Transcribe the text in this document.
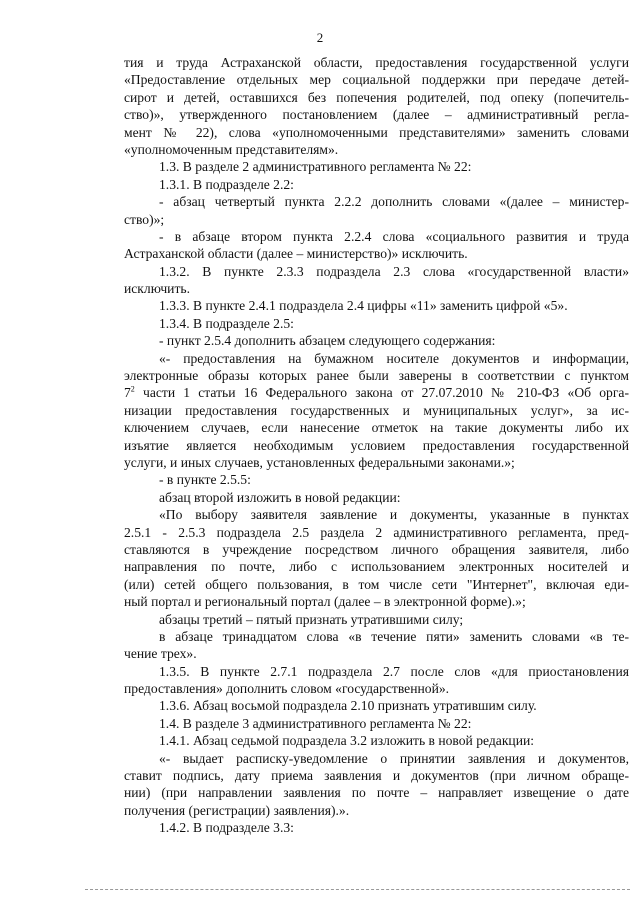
2
тия и труда Астраханской области, предоставления государственной услуги
«Предоставление отдельных мер социальной поддержки при передаче детей-
сирот и детей, оставшихся без попечения родителей, под опеку (попечитель-
ство)», утвержденного постановлением (далее – административный регла-
мент № 22), слова «уполномоченными представителями» заменить словами
«уполномоченным представителям».
1.3. В разделе 2 административного регламента № 22:
1.3.1. В подразделе 2.2:
- абзац четвертый пункта 2.2.2 дополнить словами «(далее – министер-
ство)»;
- в абзаце втором пункта 2.2.4 слова «социального развития и труда
Астраханской области (далее – министерство)» исключить.
1.3.2. В пункте 2.3.3 подраздела 2.3 слова «государственной власти»
исключить.
1.3.3. В пункте 2.4.1 подраздела 2.4 цифры «11» заменить цифрой «5».
1.3.4. В подразделе 2.5:
- пункт 2.5.4 дополнить абзацем следующего содержания:
«- предоставления на бумажном носителе документов и информации,
электронные образы которых ранее были заверены в соответствии с пунктом
$7^2$ части 1 статьи 16 Федерального закона от 27.07.2010 № 210-ФЗ «Об орга-
низации предоставления государственных и муниципальных услуг», за ис-
ключением случаев, если нанесение отметок на такие документы либо их
изъятие является необходимым условием предоставления государственной
услуги, и иных случаев, установленных федеральными законами.»;
- в пункте 2.5.5:
абзац второй изложить в новой редакции:
«По выбору заявителя заявление и документы, указанные в пунктах
2.5.1 - 2.5.3 подраздела 2.5 раздела 2 административного регламента, пред-
ставляются в учреждение посредством личного обращения заявителя, либо
направления по почте, либо с использованием электронных носителей и
(или) сетей общего пользования, в том числе сети "Интернет", включая еди-
ный портал и региональный портал (далее – в электронной форме).»;
абзацы третий – пятый признать утратившими силу;
в абзаце тринадцатом слова «в течение пяти» заменить словами «в те-
чение трех».
1.3.5. В пункте 2.7.1 подраздела 2.7 после слов «для приостановления
предоставления» дополнить словом «государственной».
1.3.6. Абзац восьмой подраздела 2.10 признать утратившим силу.
1.4. В разделе 3 административного регламента № 22:
1.4.1. Абзац седьмой подраздела 3.2 изложить в новой редакции:
«- выдает расписку-уведомление о принятии заявления и документов,
ставит подпись, дату приема заявления и документов (при личном обраще-
нии) (при направлении заявления по почте – направляет извещение о дате
получения (регистрации) заявления).».
1.4.2. В подразделе 3.3:
